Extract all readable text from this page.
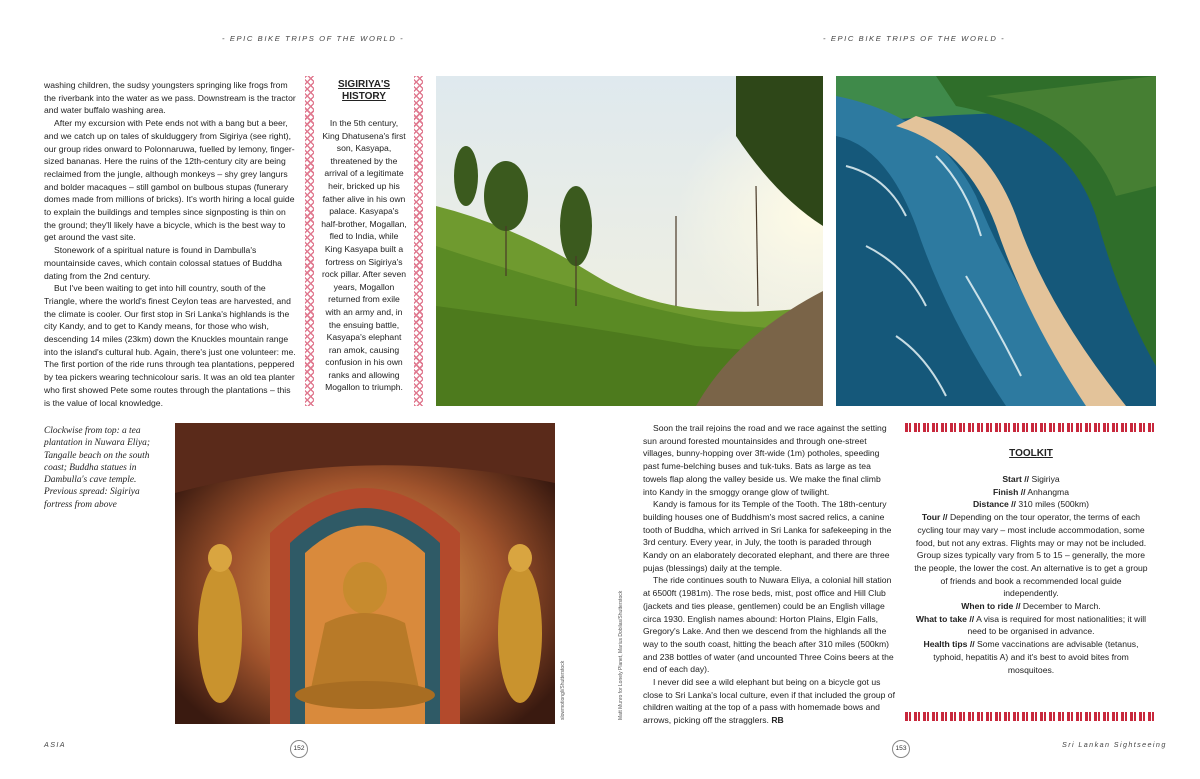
- EPIC BIKE TRIPS OF THE WORLD -	- EPIC BIKE TRIPS OF THE WORLD -

washing children, the sudsy youngsters springing like frogs from the riverbank into the water as we pass. Downstream is the tractor and water buffalo washing area.

After my excursion with Pete ends not with a bang but a beer, and we catch up on tales of skulduggery from Sigiriya (see right), our group rides onward to Polonnaruwa, fuelled by lemony, finger-sized bananas. Here the ruins of the 12th-century city are being reclaimed from the jungle, although monkeys – shy grey langurs and bolder macaques – still gambol on bulbous stupas (funerary domes made from millions of bricks). It's worth hiring a local guide to explain the buildings and temples since signposting is thin on the ground; they'll likely have a bicycle, which is the best way to get around the vast site.

Stonework of a spiritual nature is found in Dambulla's mountainside caves, which contain colossal statues of Buddha dating from the 2nd century.

But I've been waiting to get into hill country, south of the Triangle, where the world's finest Ceylon teas are harvested, and the climate is cooler. Our first stop in Sri Lanka's highlands is the city Kandy, and to get to Kandy means, for those who wish, descending 14 miles (23km) down the Knuckles mountain range into the island's cultural hub. Again, there's just one volunteer: me. The first portion of the ride runs through tea plantations, peppered by tea pickers wearing technicolour saris. It was an old tea planter who first showed Pete some routes through the plantations – this is the value of local knowledge.

SIGIRIYA'S HISTORY
In the 5th century, King Dhatusena's first son, Kasyapa, threatened by the arrival of a legitimate heir, bricked up his father alive in his own palace. Kasyapa's half-brother, Mogallan, fled to India, while King Kasyapa built a fortress on Sigiriya's rock pillar. After seven years, Mogallon returned from exile with an army and, in the ensuing battle, Kasyapa's elephant ran amok, causing confusion in his own ranks and allowing Mogallon to triumph.
Clockwise from top: a tea plantation in Nuwara Eliya; Tangalle beach on the south coast; Buddha statues in Dambulla's cave temple. Previous spread: Sigiriya fortress from above
slowmotiongli/Shutterstock	Matt Munro for Lonely Planet, Marius Dobilas/Shutterstock

Soon the trail rejoins the road and we race against the setting sun around forested mountainsides and through one-street villages, bunny-hopping over 3ft-wide (1m) potholes, speeding past fume-belching buses and tuk-tuks. Bats as large as tea towels flap along the valley beside us. We make the final climb into Kandy in the smoggy orange glow of twilight.

Kandy is famous for its Temple of the Tooth. The 18th-century building houses one of Buddhism's most sacred relics, a canine tooth of Buddha, which arrived in Sri Lanka for safekeeping in the 3rd century. Every year, in July, the tooth is paraded through Kandy on an elaborately decorated elephant, and there are three pujas (blessings) daily at the temple.

The ride continues south to Nuwara Eliya, a colonial hill station at 6500ft (1981m). The rose beds, mist, post office and Hill Club (jackets and ties please, gentlemen) could be an English village circa 1930. English names abound: Horton Plains, Elgin Falls, Gregory's Lake. And then we descend from the highlands all the way to the south coast, hitting the beach after 310 miles (500km) and 238 bottles of water (and uncounted Three Coins beers at the end of each day).

I never did see a wild elephant but being on a bicycle got us close to Sri Lanka's local culture, even if that included the group of children waiting at the top of a pass with homemade bows and arrows, picking off the stragglers. RB

TOOLKIT
Start // Sigiriya
Finish // Anhangma
Distance // 310 miles (500km)
Tour // Depending on the tour operator, the terms of each cycling tour may vary – most include accommodation, some food, but not any extras. Flights may or may not be included. Group sizes typically vary from 5 to 15 – generally, the more the people, the lower the cost. An alternative is to get a group of friends and book a recommended local guide independently.
When to ride // December to March.
What to take // A visa is required for most nationalities; it will need to be organised in advance.
Health tips // Some vaccinations are advisable (tetanus, typhoid, hepatitis A) and it's best to avoid bites from mosquitoes.
ASIA	152	153	Sri Lankan Sightseeing
